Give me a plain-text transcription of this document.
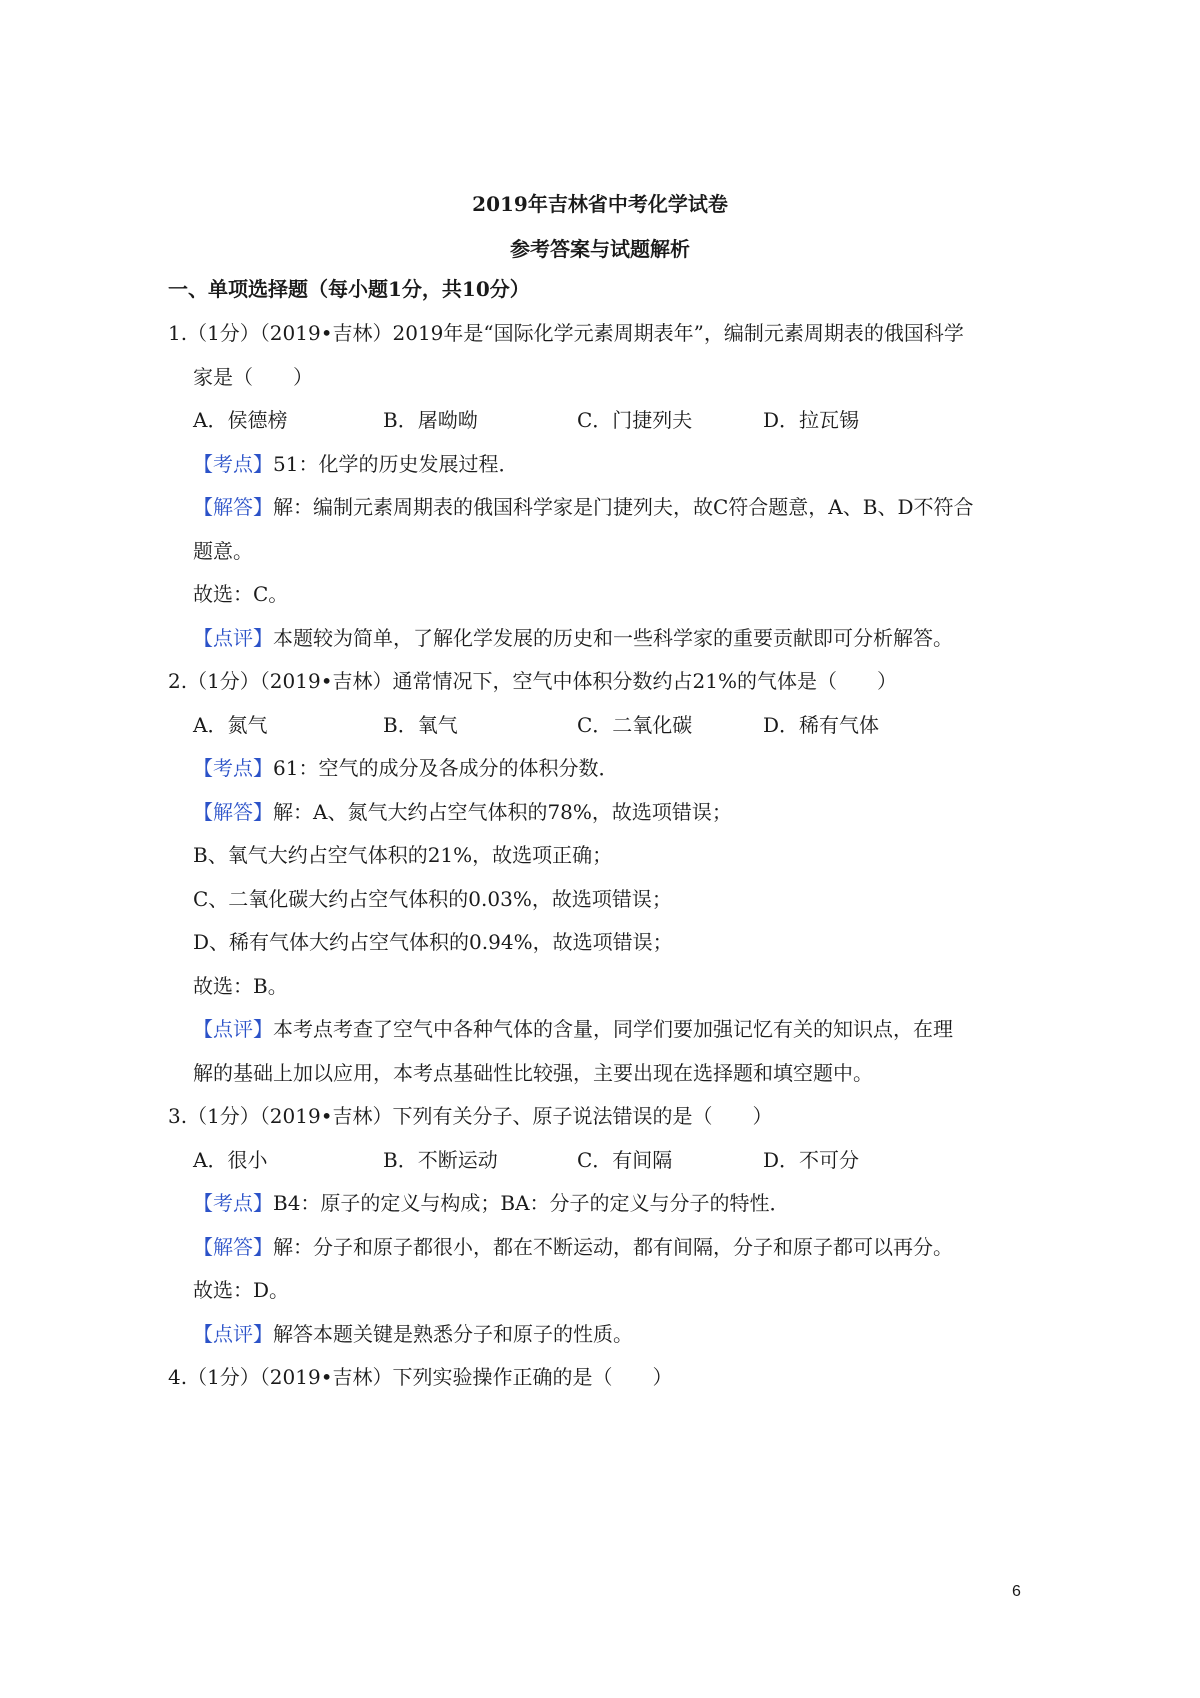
2019年吉林省中考化学试卷
参考答案与试题解析
一、单项选择题（每小题1分，共10分）
1.（1分）（2019•吉林）2019年是“国际化学元素周期表年”，编制元素周期表的俄国科学
家是（　　）
A．侯德榜	B．屠呦呦	C．门捷列夫	D．拉瓦锡
【考点】51：化学的历史发展过程．
【解答】解：编制元素周期表的俄国科学家是门捷列夫，故C符合题意，A、B、D不符合
题意。
故选：C。
【点评】本题较为简单，了解化学发展的历史和一些科学家的重要贡献即可分析解答。
2.（1分）（2019•吉林）通常情况下，空气中体积分数约占21%的气体是（　　）
A．氮气	B．氧气	C．二氧化碳	D．稀有气体
【考点】61：空气的成分及各成分的体积分数．
【解答】解：A、氮气大约占空气体积的78%，故选项错误；
B、氧气大约占空气体积的21%，故选项正确；
C、二氧化碳大约占空气体积的0.03%，故选项错误；
D、稀有气体大约占空气体积的0.94%，故选项错误；
故选：B。
【点评】本考点考查了空气中各种气体的含量，同学们要加强记忆有关的知识点，在理
解的基础上加以应用，本考点基础性比较强，主要出现在选择题和填空题中。
3.（1分）（2019•吉林）下列有关分子、原子说法错误的是（　　）
A．很小	B．不断运动	C．有间隔	D．不可分
【考点】B4：原子的定义与构成；BA：分子的定义与分子的特性．
【解答】解：分子和原子都很小，都在不断运动，都有间隔，分子和原子都可以再分。
故选：D。
【点评】解答本题关键是熟悉分子和原子的性质。
4.（1分）（2019•吉林）下列实验操作正确的是（　　）
6
